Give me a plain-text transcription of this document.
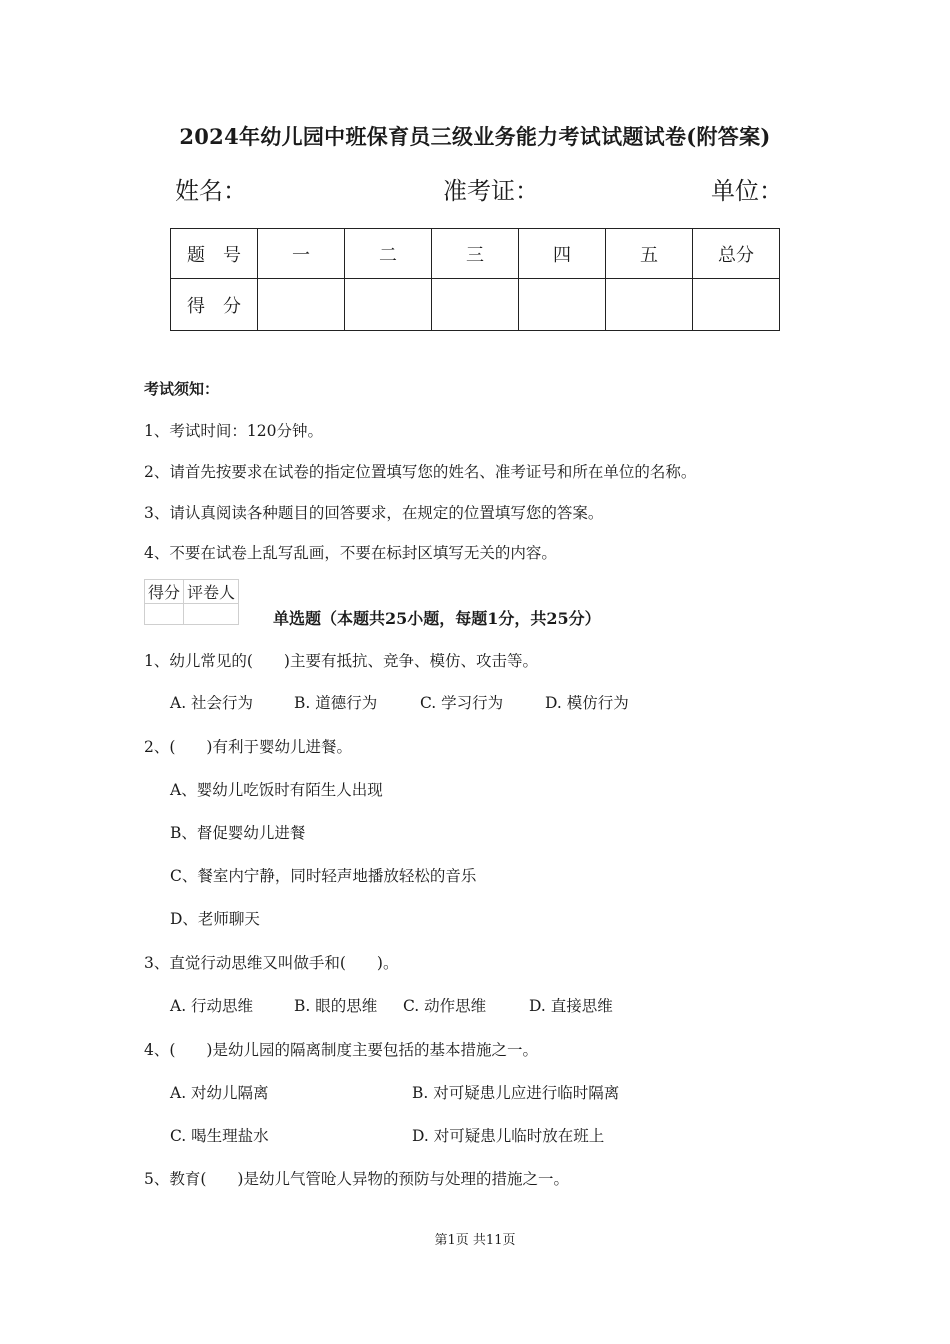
2024年幼儿园中班保育员三级业务能力考试试题试卷(附答案)
姓名：	准考证：	单位：
题　号	一	二	三	四	五	总分
得　分						
考试须知：
1、考试时间：120分钟。
2、请首先按要求在试卷的指定位置填写您的姓名、准考证号和所在单位的名称。
3、请认真阅读各种题目的回答要求，在规定的位置填写您的答案。
4、不要在试卷上乱写乱画，不要在标封区填写无关的内容。
得分	评卷人

单选题（本题共25小题，每题1分，共25分）
1、幼儿常见的(　　)主要有抵抗、竞争、模仿、攻击等。
A. 社会行为	B. 道德行为	C. 学习行为	D. 模仿行为
2、(　　)有利于婴幼儿进餐。
A、婴幼儿吃饭时有陌生人出现
B、督促婴幼儿进餐
C、餐室内宁静，同时轻声地播放轻松的音乐
D、老师聊天
3、直觉行动思维又叫做手和(　　)。
A. 行动思维	B. 眼的思维 C. 动作思维	D. 直接思维
4、(　　)是幼儿园的隔离制度主要包括的基本措施之一。
A. 对幼儿隔离	B. 对可疑患儿应进行临时隔离
C. 喝生理盐水	D. 对可疑患儿临时放在班上
5、教育(　　)是幼儿气管呛人异物的预防与处理的措施之一。
第1页 共11页
